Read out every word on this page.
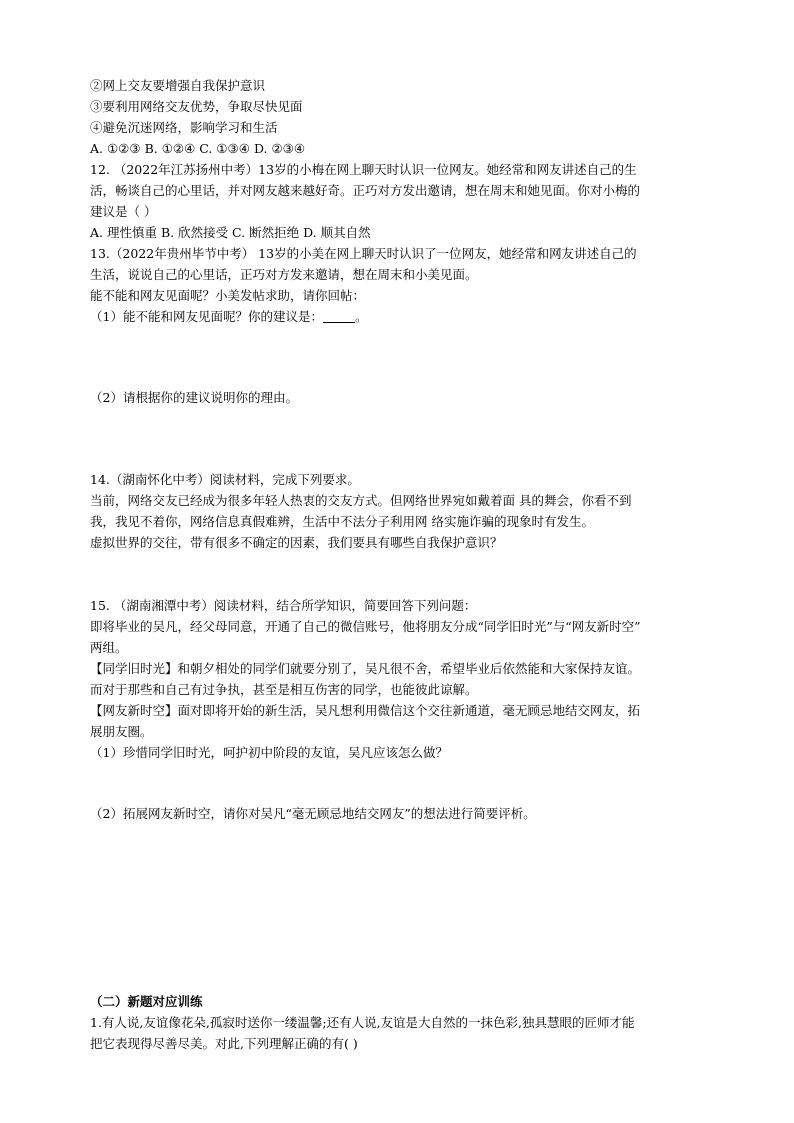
②网上交友要增强自我保护意识
③要利用网络交友优势，争取尽快见面
④避免沉迷网络，影响学习和生活
A. ①②③ B. ①②④ C. ①③④ D. ②③④
12. （2022年江苏扬州中考）13岁的小梅在网上聊天时认识一位网友。她经常和网友讲述自己的生
活，畅谈自己的心里话，并对网友越来越好奇。正巧对方发出邀请，想在周末和她见面。你对小梅的
建议是（ ）
A. 理性慎重 B. 欣然接受 C. 断然拒绝 D. 顺其自然
13.（2022年贵州毕节中考） 13岁的小美在网上聊天时认识了一位网友，她经常和网友讲述自己的
生活，说说自己的心里话，正巧对方发来邀请，想在周末和小美见面。
能不能和网友见面呢？小美发帖求助，请你回帖：
（1）能不能和网友见面呢？你的建议是：	。
（2）请根据你的建议说明你的理由。
14.（湖南怀化中考）阅读材料，完成下列要求。
当前，网络交友已经成为很多年轻人热衷的交友方式。但网络世界宛如戴着面 具的舞会，你看不到
我，我见不着你，网络信息真假难辨，生活中不法分子利用网 络实施诈骗的现象时有发生。
虚拟世界的交往，带有很多不确定的因素，我们要具有哪些自我保护意识？
15. （湖南湘潭中考）阅读材料，结合所学知识，简要回答下列问题：
即将毕业的吴凡，经父母同意，开通了自己的微信账号，他将朋友分成“同学旧时光”与“网友新时空”
两组。
【同学旧时光】和朝夕相处的同学们就要分别了，吴凡很不舍，希望毕业后依然能和大家保持友谊。
而对于那些和自己有过争执，甚至是相互伤害的同学，也能彼此谅解。
【网友新时空】面对即将开始的新生活，吴凡想利用微信这个交往新通道，毫无顾忌地结交网友，拓
展朋友圈。
（1）珍惜同学旧时光，呵护初中阶段的友谊，吴凡应该怎么做？
（2）拓展网友新时空，请你对吴凡“毫无顾忌地结交网友”的想法进行简要评析。
（二）新题对应训练
1.有人说,友谊像花朵,孤寂时送你一缕温馨;还有人说,友谊是大自然的一抹色彩,独具慧眼的匠师才能
把它表现得尽善尽美。对此,下列理解正确的有( )
